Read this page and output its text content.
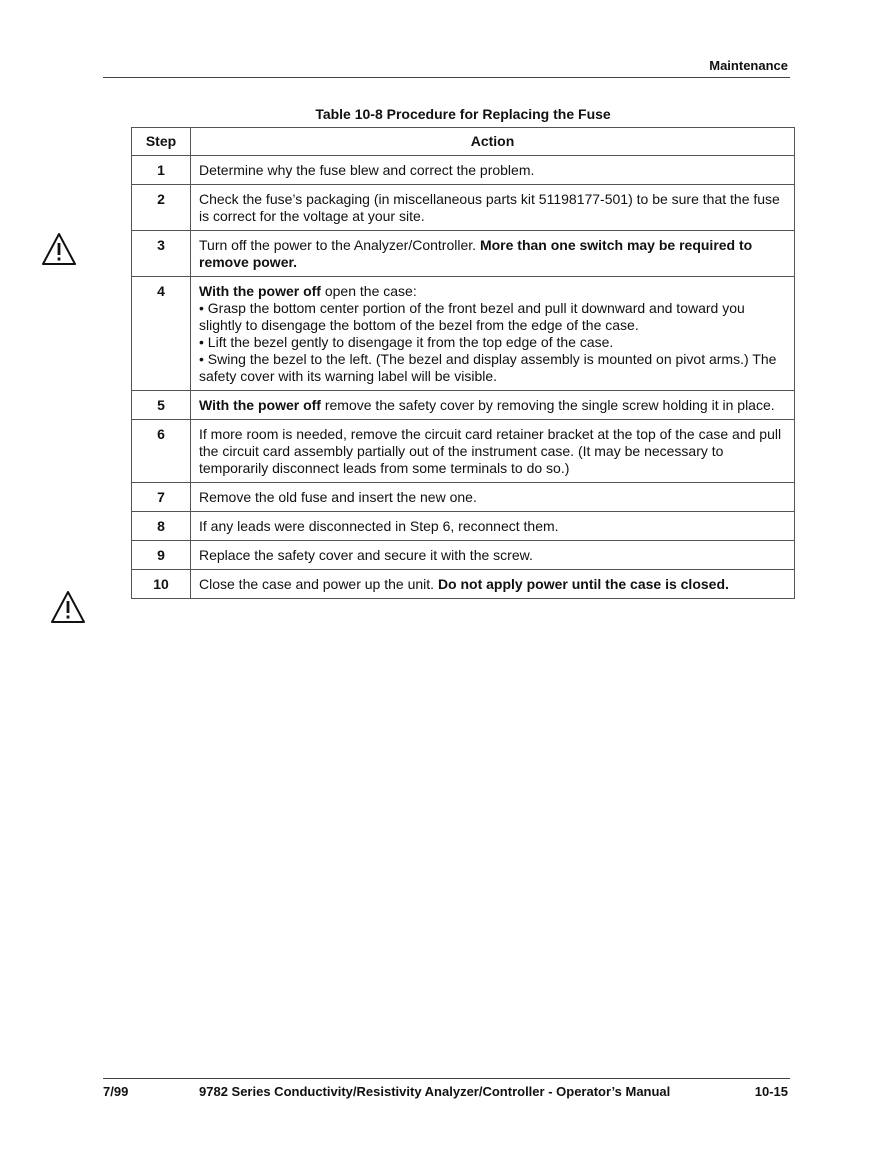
Maintenance
Table 10-8 Procedure for Replacing the Fuse
Step	Action
1	Determine why the fuse blew and correct the problem.
2	Check the fuse’s packaging (in miscellaneous parts kit 51198177-501) to be sure that the fuse is correct for the voltage at your site.
3	Turn off the power to the Analyzer/Controller. More than one switch may be required to remove power.
4	With the power off open the case:
• Grasp the bottom center portion of the front bezel and pull it downward and toward you slightly to disengage the bottom of the bezel from the edge of the case.
• Lift the bezel gently to disengage it from the top edge of the case.
• Swing the bezel to the left. (The bezel and display assembly is mounted on pivot arms.) The safety cover with its warning label will be visible.
5	With the power off remove the safety cover by removing the single screw holding it in place.
6	If more room is needed, remove the circuit card retainer bracket at the top of the case and pull the circuit card assembly partially out of the instrument case. (It may be necessary to temporarily disconnect leads from some terminals to do so.)
7	Remove the old fuse and insert the new one.
8	If any leads were disconnected in Step 6, reconnect them.
9	Replace the safety cover and secure it with the screw.
10	Close the case and power up the unit. Do not apply power until the case is closed.
7/99	9782 Series Conductivity/Resistivity Analyzer/Controller - Operator’s Manual	10-15
